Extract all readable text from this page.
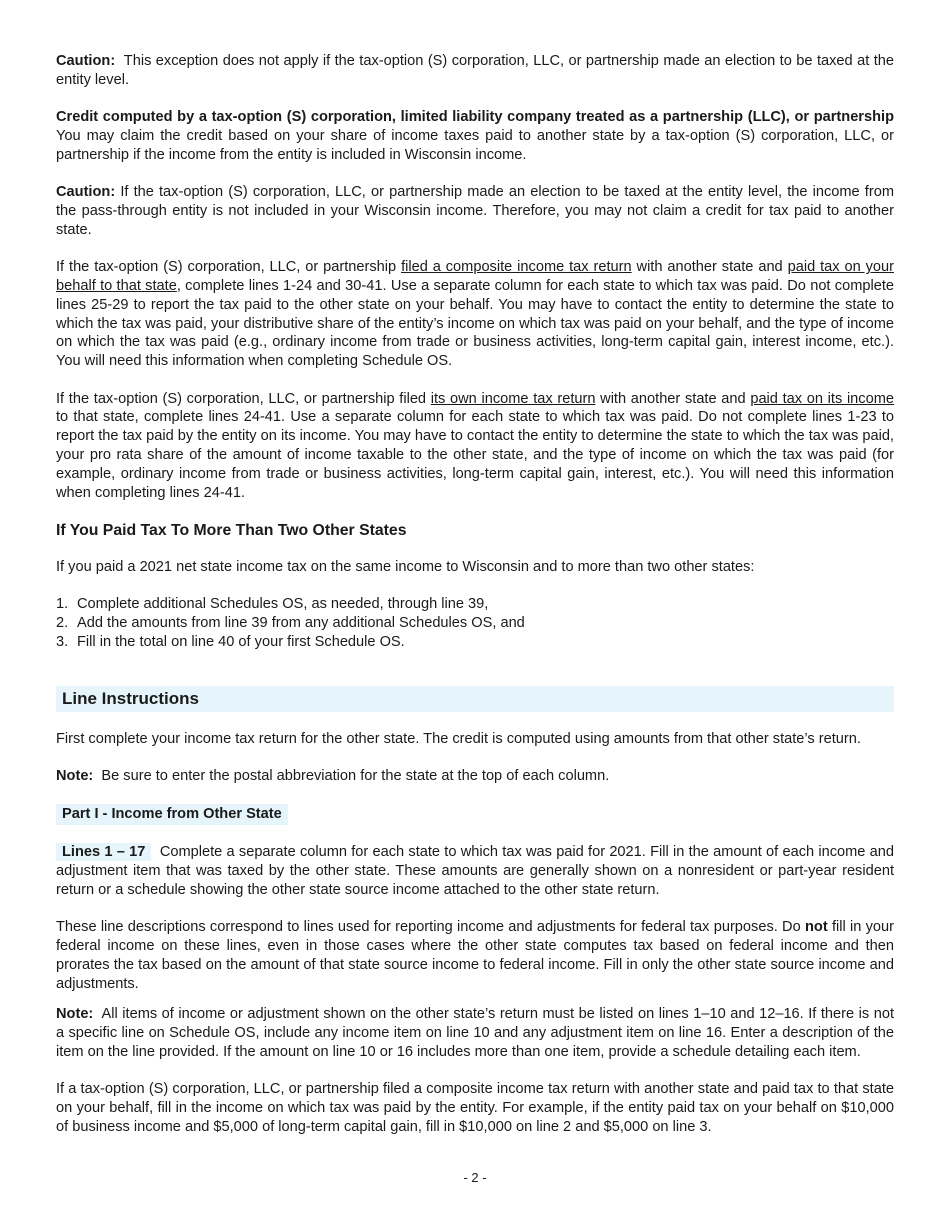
Caution: This exception does not apply if the tax-option (S) corporation, LLC, or partnership made an election to be taxed at the entity level.

Credit computed by a tax-option (S) corporation, limited liability company treated as a partnership (LLC), or partnership You may claim the credit based on your share of income taxes paid to another state by a tax-option (S) corporation, LLC, or partnership if the income from the entity is included in Wisconsin income.

Caution: If the tax-option (S) corporation, LLC, or partnership made an election to be taxed at the entity level, the income from the pass-through entity is not included in your Wisconsin income. Therefore, you may not claim a credit for tax paid to another state.

If the tax-option (S) corporation, LLC, or partnership filed a composite income tax return with another state and paid tax on your behalf to that state, complete lines 1-24 and 30-41. Use a separate column for each state to which tax was paid. Do not complete lines 25-29 to report the tax paid to the other state on your behalf. You may have to contact the entity to determine the state to which the tax was paid, your distributive share of the entity’s income on which tax was paid on your behalf, and the type of income on which the tax was paid (e.g., ordinary income from trade or business activities, long-term capital gain, interest income, etc.). You will need this information when completing Schedule OS.

If the tax-option (S) corporation, LLC, or partnership filed its own income tax return with another state and paid tax on its income to that state, complete lines 24-41. Use a separate column for each state to which tax was paid. Do not complete lines 1-23 to report the tax paid by the entity on its income. You may have to contact the entity to determine the state to which the tax was paid, your pro rata share of the amount of income taxable to the other state, and the type of income on which the tax was paid (for example, ordinary income from trade or business activities, long-term capital gain, interest, etc.). You will need this information when completing lines 24-41.

If You Paid Tax To More Than Two Other States

If you paid a 2021 net state income tax on the same income to Wisconsin and to more than two other states:

1. Complete additional Schedules OS, as needed, through line 39,
2. Add the amounts from line 39 from any additional Schedules OS, and
3. Fill in the total on line 40 of your first Schedule OS.
Line Instructions

First complete your income tax return for the other state. The credit is computed using amounts from that other state’s return.

Note: Be sure to enter the postal abbreviation for the state at the top of each column.

Part I - Income from Other State

Lines 1 – 17 Complete a separate column for each state to which tax was paid for 2021. Fill in the amount of each income and adjustment item that was taxed by the other state. These amounts are generally shown on a nonresident or part-year resident return or a schedule showing the other state source income attached to the other state return.

These line descriptions correspond to lines used for reporting income and adjustments for federal tax purposes. Do not fill in your federal income on these lines, even in those cases where the other state computes tax based on federal income and then prorates the tax based on the amount of that state source income to federal income. Fill in only the other state source income and adjustments.

Note: All items of income or adjustment shown on the other state’s return must be listed on lines 1–10 and 12–16. If there is not a specific line on Schedule OS, include any income item on line 10 and any adjustment item on line 16. Enter a description of the item on the line provided. If the amount on line 10 or 16 includes more than one item, provide a schedule detailing each item.

If a tax-option (S) corporation, LLC, or partnership filed a composite income tax return with another state and paid tax to that state on your behalf, fill in the income on which tax was paid by the entity. For example, if the entity paid tax on your behalf on $10,000 of business income and $5,000 of long-term capital gain, fill in $10,000 on line 2 and $5,000 on line 3.

- 2 -
